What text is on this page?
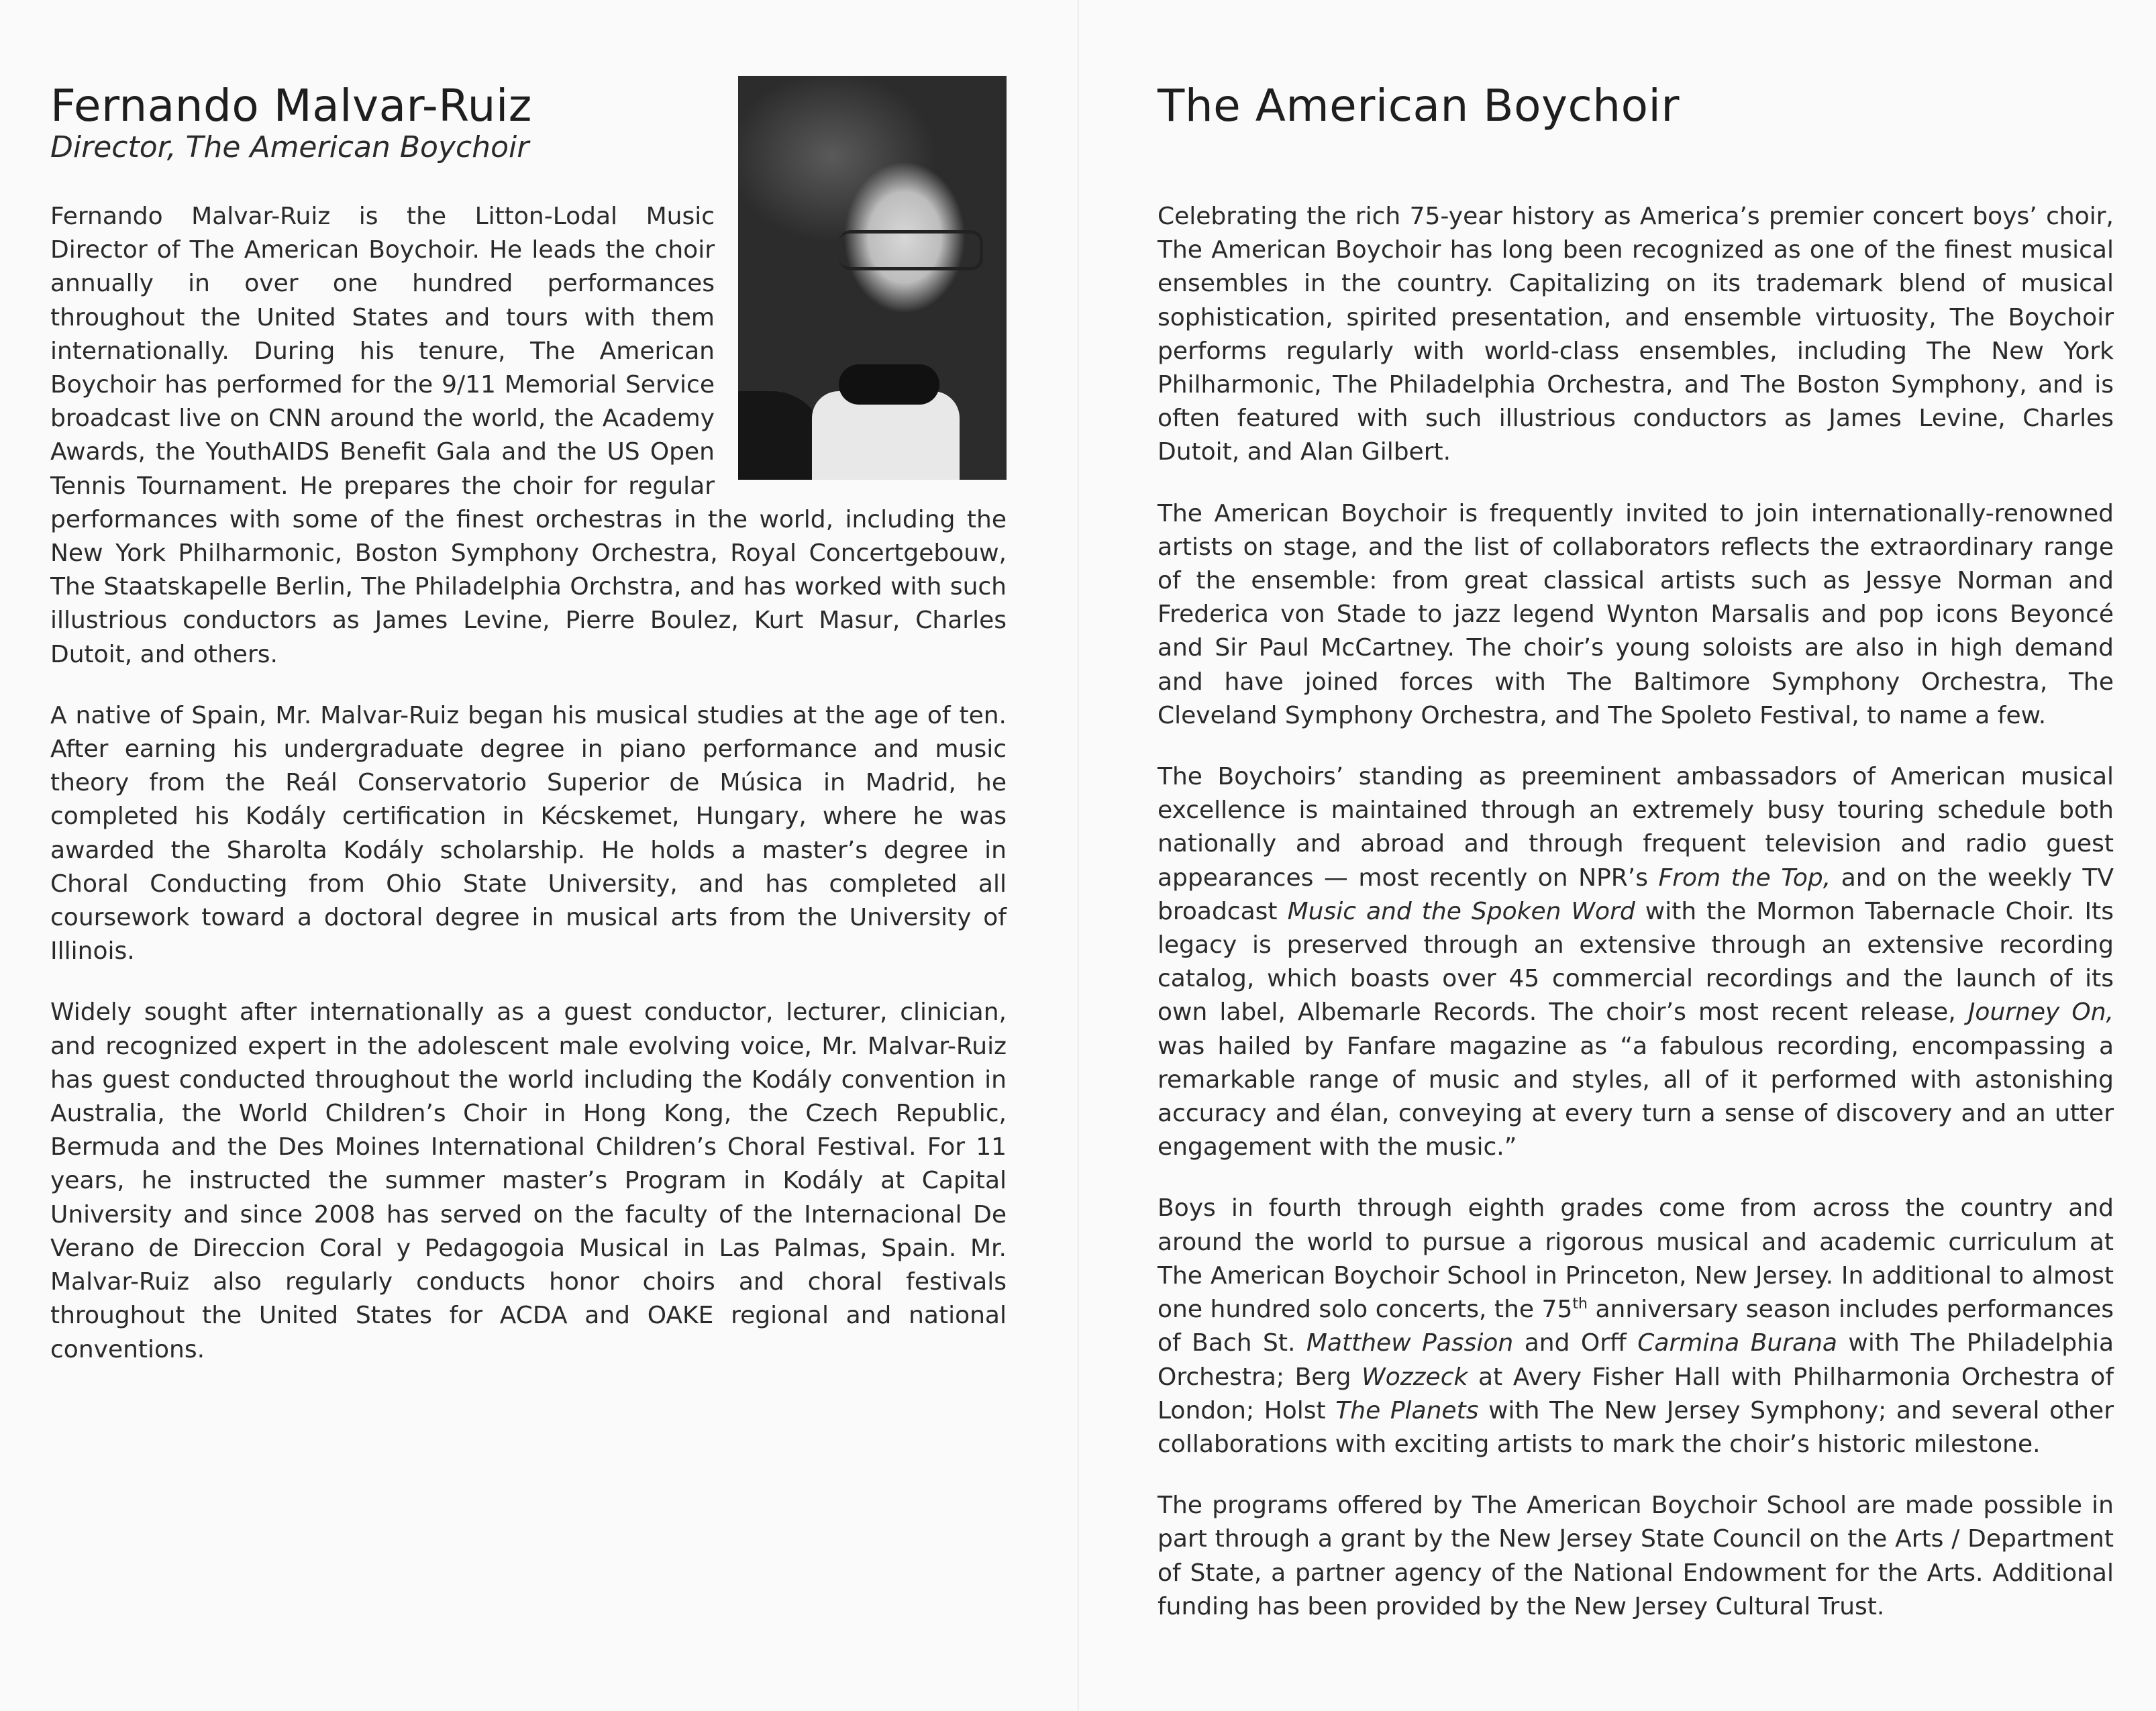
Fernando Malvar-Ruiz
Director, The American Boychoir

Fernando Malvar-Ruiz is the Litton-Lodal Music Director of The American Boychoir. He leads the choir annually in over one hundred performances throughout the United States and tours with them internationally. During his tenure, The American Boychoir has performed for the 9/11 Memorial Service broadcast live on CNN around the world, the Academy Awards, the YouthAIDS Benefit Gala and the US Open Tennis Tournament. He prepares the choir for regular performances with some of the finest orchestras in the world, including the New York Philharmonic, Boston Symphony Orchestra, Royal Concertgebouw, The Staatskapelle Berlin, The Philadelphia Orchstra, and has worked with such illustrious conductors as James Levine, Pierre Boulez, Kurt Masur, Charles Dutoit, and others.

A native of Spain, Mr. Malvar-Ruiz began his musical studies at the age of ten. After earning his undergraduate degree in piano performance and music theory from the Reál Conservatorio Superior de Música in Madrid, he completed his Kodály certification in Kécskemet, Hungary, where he was awarded the Sharolta Kodály scholarship. He holds a master’s degree in Choral Conducting from Ohio State University, and has completed all coursework toward a doctoral degree in musical arts from the University of Illinois.

Widely sought after internationally as a guest conductor, lecturer, clinician, and recognized expert in the adolescent male evolving voice, Mr. Malvar-Ruiz has guest conducted throughout the world including the Kodály convention in Australia, the World Children’s Choir in Hong Kong, the Czech Republic, Bermuda and the Des Moines International Children’s Choral Festival. For 11 years, he instructed the summer master’s Program in Kodály at Capital University and since 2008 has served on the faculty of the Internacional De Verano de Direccion Coral y Pedagogoia Musical in Las Palmas, Spain. Mr. Malvar-Ruiz also regularly conducts honor choirs and choral festivals throughout the United States for ACDA and OAKE regional and national conventions.

The American Boychoir

Celebrating the rich 75-year history as America’s premier concert boys’ choir, The American Boychoir has long been recognized as one of the finest musical ensembles in the country. Capitalizing on its trademark blend of musical sophistication, spirited presentation, and ensemble virtuosity, The Boychoir performs regularly with world-class ensembles, including The New York Philharmonic, The Philadelphia Orchestra, and The Boston Symphony, and is often featured with such illustrious conductors as James Levine, Charles Dutoit, and Alan Gilbert.

The American Boychoir is frequently invited to join internationally-renowned artists on stage, and the list of collaborators reflects the extraordinary range of the ensemble: from great classical artists such as Jessye Norman and Frederica von Stade to jazz legend Wynton Marsalis and pop icons Beyoncé and Sir Paul McCartney. The choir’s young soloists are also in high demand and have joined forces with The Baltimore Symphony Orchestra, The Cleveland Symphony Orchestra, and The Spoleto Festival, to name a few.

The Boychoirs’ standing as preeminent ambassadors of American musical excellence is maintained through an extremely busy touring schedule both nationally and abroad and through frequent television and radio guest appearances — most recently on NPR’s From the Top, and on the weekly TV broadcast Music and the Spoken Word with the Mormon Tabernacle Choir. Its legacy is preserved through an extensive through an extensive recording catalog, which boasts over 45 commercial recordings and the launch of its own label, Albemarle Records. The choir’s most recent release, Journey On, was hailed by Fanfare magazine as “a fabulous recording, encompassing a remarkable range of music and styles, all of it performed with astonishing accuracy and élan, conveying at every turn a sense of discovery and an utter engagement with the music.”

Boys in fourth through eighth grades come from across the country and around the world to pursue a rigorous musical and academic curriculum at The American Boychoir School in Princeton, New Jersey. In additional to almost one hundred solo concerts, the 75th anniversary season includes performances of Bach St. Matthew Passion and Orff Carmina Burana with The Philadelphia Orchestra; Berg Wozzeck at Avery Fisher Hall with Philharmonia Orchestra of London; Holst The Planets with The New Jersey Symphony; and several other collaborations with exciting artists to mark the choir’s historic milestone.

The programs offered by The American Boychoir School are made possible in part through a grant by the New Jersey State Council on the Arts / Department of State, a partner agency of the National Endowment for the Arts. Additional funding has been provided by the New Jersey Cultural Trust.
